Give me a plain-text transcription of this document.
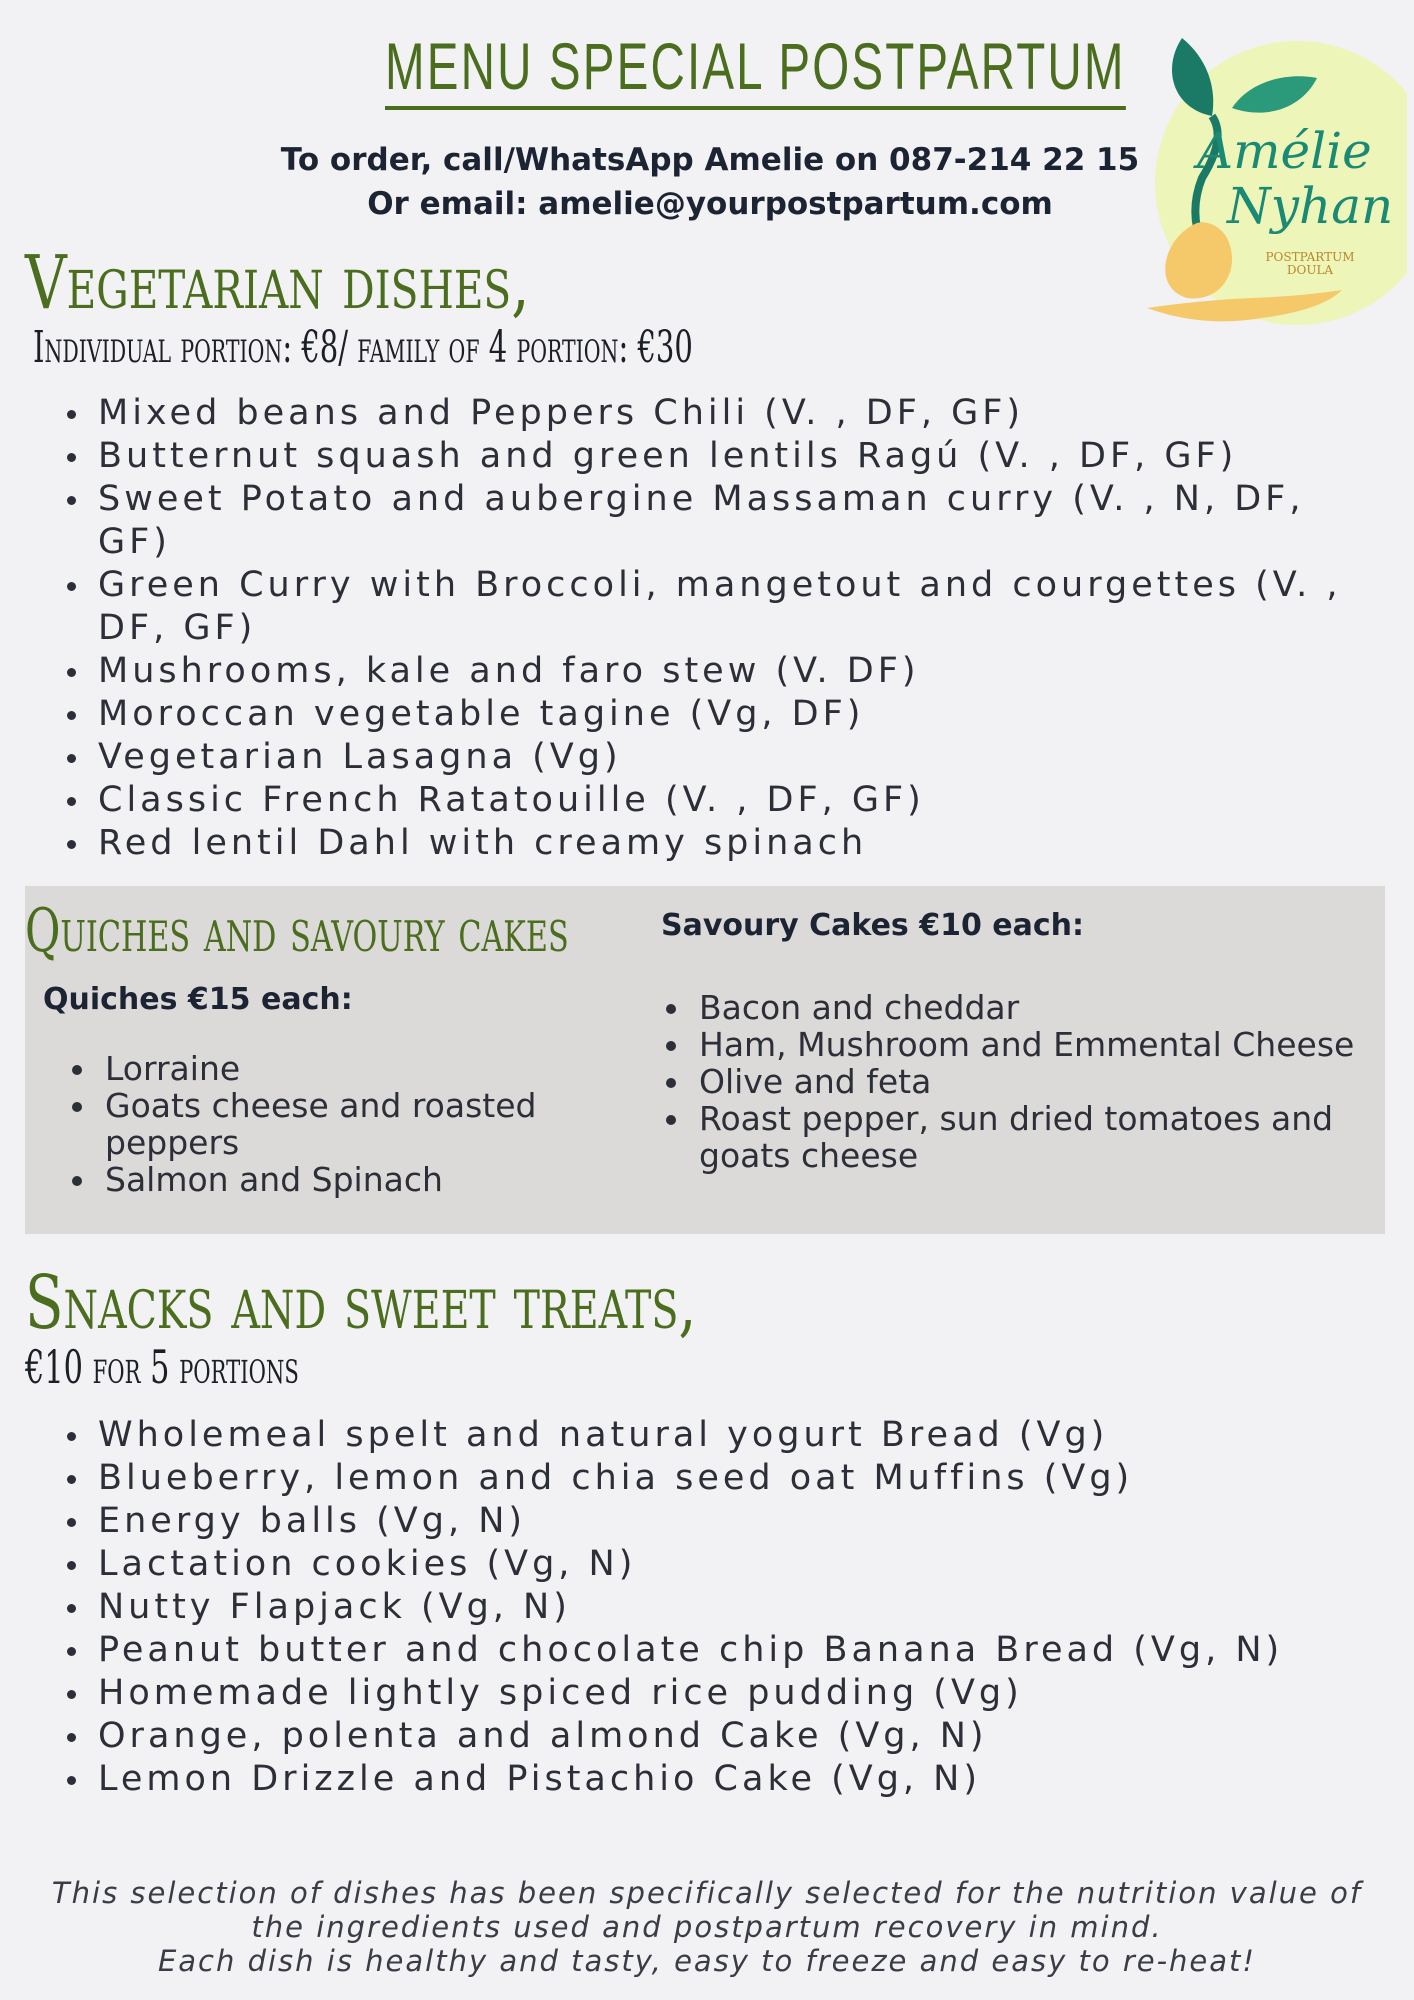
MENU SPECIAL POSTPARTUM
To order, call/WhatsApp Amelie on 087-214 22 15
Or email: amelie@yourpostpartum.com
Amélie
Nyhan
POSTPARTUM
DOULA
Vegetarian dishes,
Individual portion: €8/ family of 4 portion: €30
• Mixed beans and Peppers Chili (V. , DF, GF)
• Butternut squash and green lentils Ragú (V. , DF, GF)
• Sweet Potato and aubergine Massaman curry (V. , N, DF, GF)
• Green Curry with Broccoli, mangetout and courgettes (V. , DF, GF)
• Mushrooms, kale and faro stew (V. DF)
• Moroccan vegetable tagine (Vg, DF)
• Vegetarian Lasagna (Vg)
• Classic French Ratatouille (V. , DF, GF)
• Red lentil Dahl with creamy spinach
Quiches and savoury cakes
Quiches €15 each:
• Lorraine
• Goats cheese and roasted peppers
• Salmon and Spinach
Savoury Cakes €10 each:
• Bacon and cheddar
• Ham, Mushroom and Emmental Cheese
• Olive and feta
• Roast pepper, sun dried tomatoes and goats cheese
Snacks and sweet treats,
€10 for 5 portions
• Wholemeal spelt and natural yogurt Bread (Vg)
• Blueberry, lemon and chia seed oat Muffins (Vg)
• Energy balls (Vg, N)
• Lactation cookies (Vg, N)
• Nutty Flapjack (Vg, N)
• Peanut butter and chocolate chip Banana Bread (Vg, N)
• Homemade lightly spiced rice pudding (Vg)
• Orange, polenta and almond Cake (Vg, N)
• Lemon Drizzle and Pistachio Cake (Vg, N)
This selection of dishes has been specifically selected for the nutrition value of
the ingredients used and postpartum recovery in mind.
Each dish is healthy and tasty, easy to freeze and easy to re-heat!
